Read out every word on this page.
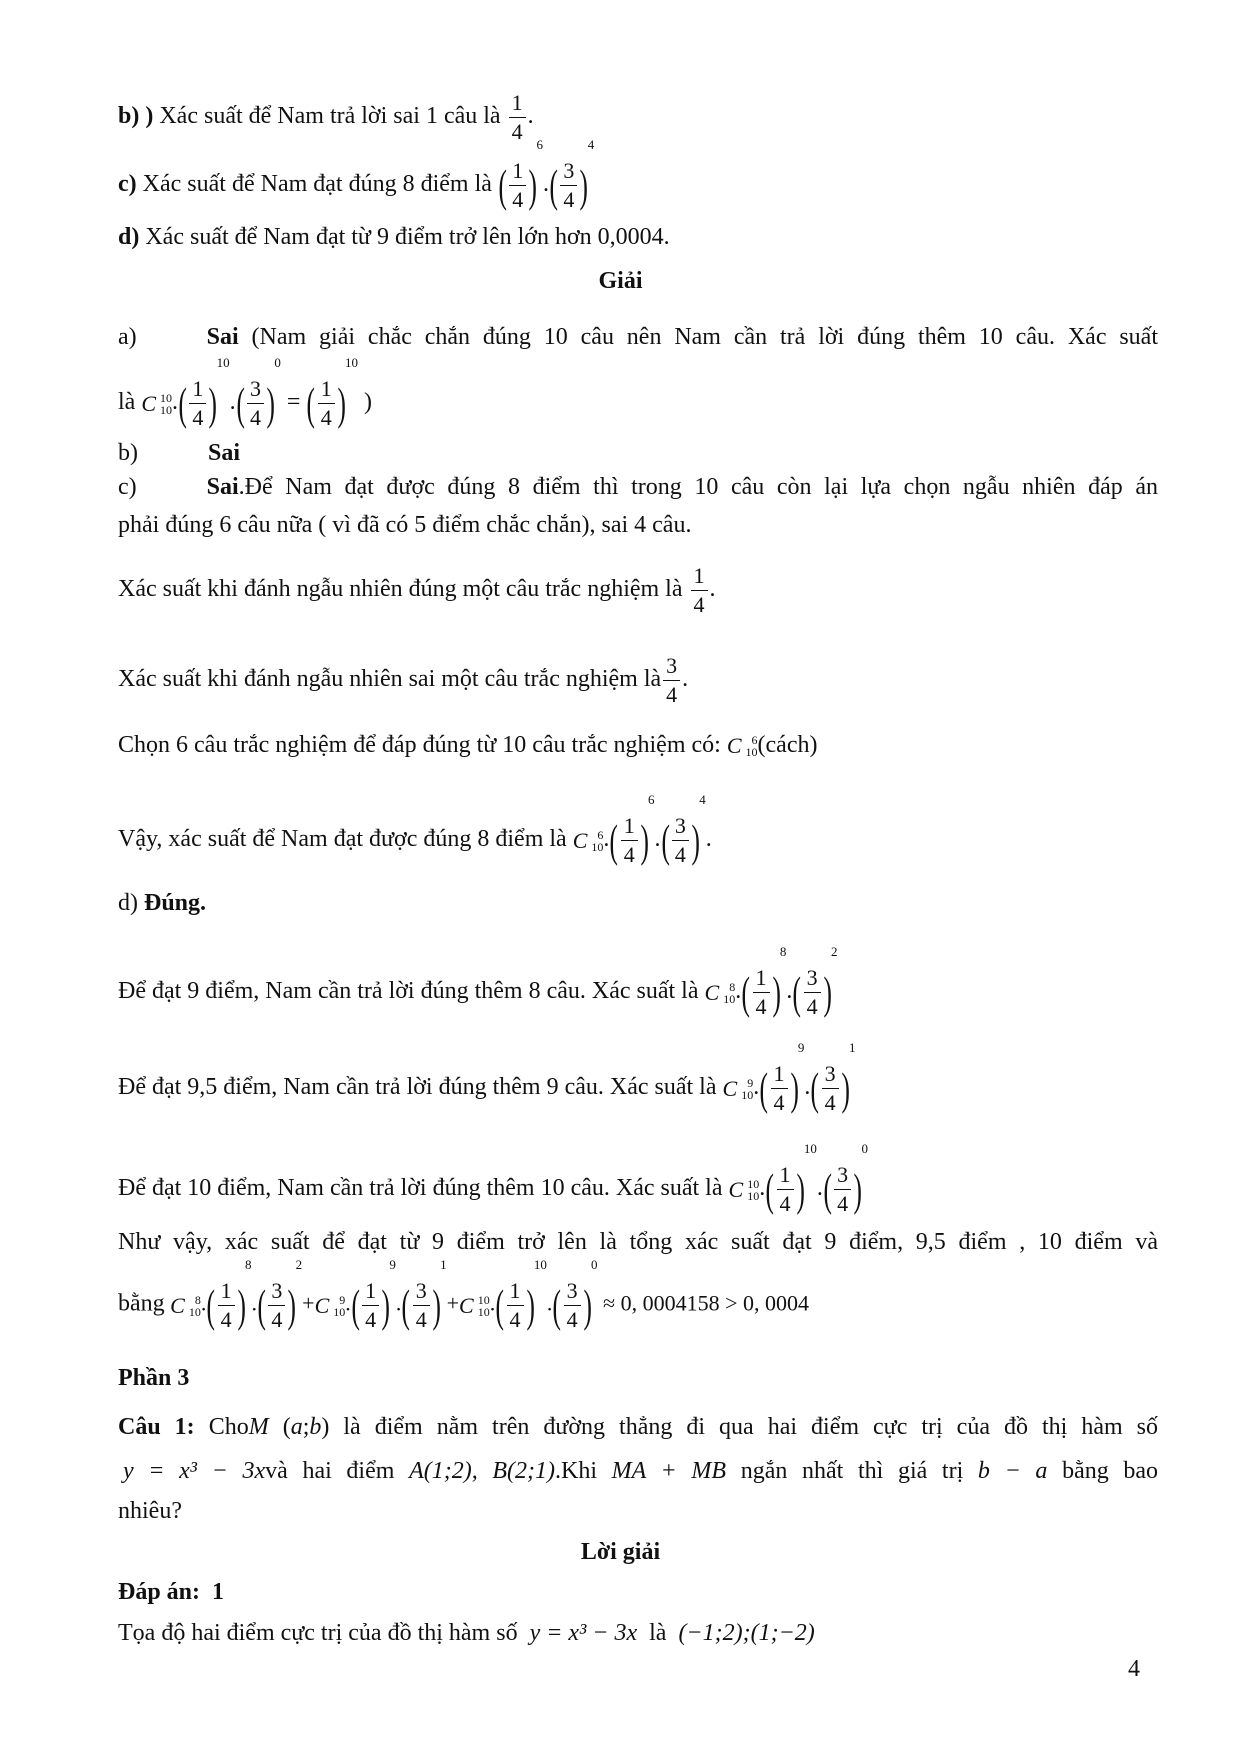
b) ) Xác suất để Nam trả lời sai 1 câu là $\frac{1}{4}$ .
c) Xác suất để Nam đạt đúng 8 điểm là ( $\frac{1}{4} )6.( \frac{3}{4} )4$
d) Xác suất để Nam đạt từ 9 điểm trở lên lớn hơn 0,0004.
Giải
a)	Sai (Nam giải chắc chắn đúng 10 câu nên Nam cần trả lời đúng thêm 10 câu. Xác suất
là C 10
10 .( $\frac{1}{4} )10.( \frac{3}{4} )0$ = ( $\frac{1}{4} )10$ )
b)	Sai
c)	Sai.Để Nam đạt được đúng 8 điểm thì trong 10 câu còn lại lựa chọn ngẫu nhiên đáp án
phải đúng 6 câu nữa ( vì đã có 5 điểm chắc chắn), sai 4 câu.
Xác suất khi đánh ngẫu nhiên đúng một câu trắc nghiệm là $\frac{1}{4}$ .
Xác suất khi đánh ngẫu nhiên sai một câu trắc nghiệm là $\frac{3}{4}$ .
Chọn 6 câu trắc nghiệm để đáp đúng từ 10 câu trắc nghiệm có: C 6
10 (cách)
Vậy, xác suất để Nam đạt được đúng 8 điểm là C 6
10 .( $\frac{1}{4} )6.( \frac{3}{4} )4$.
d) Đúng.
Để đạt 9 điểm, Nam cần trả lời đúng thêm 8 câu. Xác suất là C 8
10 .( $\frac{1}{4} )8.( \frac{3}{4} )2$
Để đạt 9,5 điểm, Nam cần trả lời đúng thêm 9 câu. Xác suất là C 9
10 .( $\frac{1}{4} )9.( \frac{3}{4} )1$
Để đạt 10 điểm, Nam cần trả lời đúng thêm 10 câu. Xác suất là C 10
10 .( $\frac{1}{4} )10.( \frac{3}{4} )0$
Như vậy, xác suất để đạt từ 9 điểm trở lên là tổng xác suất đạt 9 điểm, 9,5 điểm , 10 điểm và
bằng C 8
10 .( $\frac{1}{4} )8.( \frac{3}{4} )2+C$ 9
10 .( $\frac{1}{4} )9.( \frac{3}{4} )1+C$ 10
10 .( $\frac{1}{4} )10.( \frac{3}{4} )0 \approx 0$, 0004158 > 0, 0004
Phần 3
Câu 1: ChoM (a;b) là điểm nằm trên đường thẳng đi qua hai điểm cực trị của đồ thị hàm số
y = x³ − 3xvà hai điểm A(1;2), B(2;1).Khi MA + MB ngắn nhất thì giá trị b − a bằng bao
nhiêu?
Lời giải
Đáp án: 1
Tọa độ hai điểm cực trị của đồ thị hàm số y = x³ − 3x là (−1;2);(1;−2)
4
